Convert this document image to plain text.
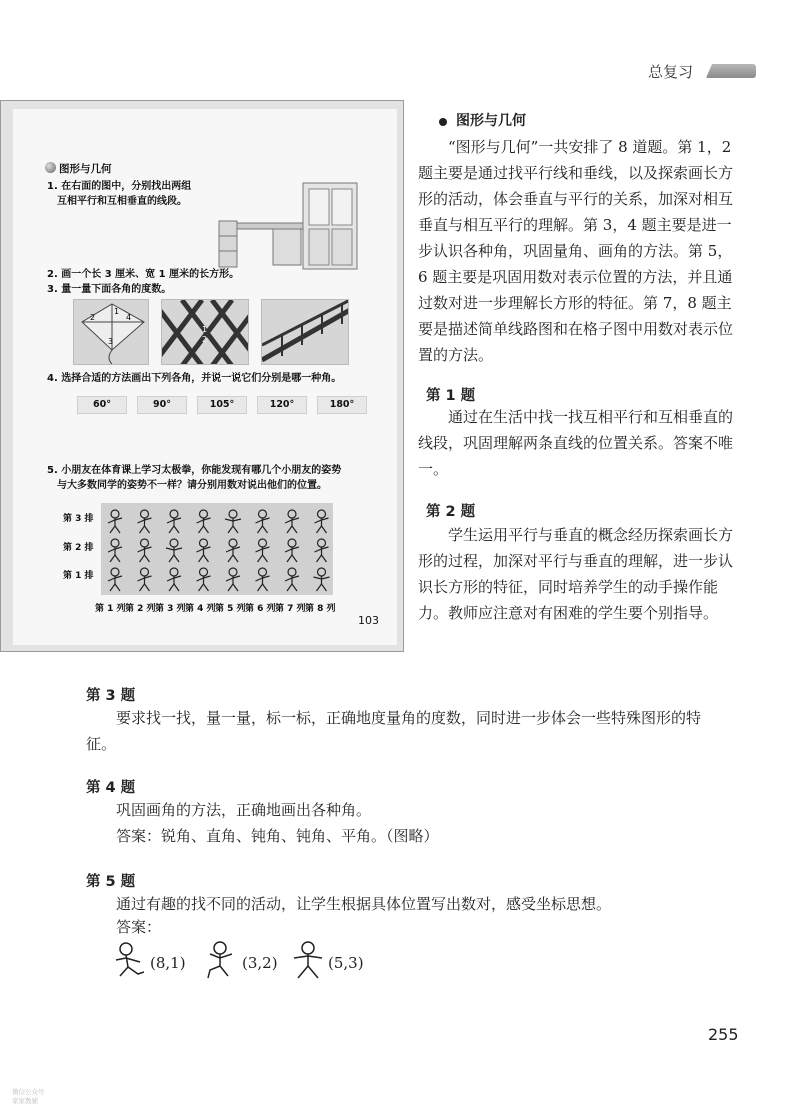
总复习
图形与几何
1. 在右面的图中，分别找出两组
互相平行和互相垂直的线段。
2. 画一个长 3 厘米、宽 1 厘米的长方形。
3. 量一量下面各角的度数。
2	4
1
3
1
2
4. 选择合适的方法画出下列各角，并说一说它们分别是哪一种角。
60°	90°	105°	120°	180°
5. 小朋友在体育课上学习太极拳，你能发现有哪几个小朋友的姿势
与大多数同学的姿势不一样？请分别用数对说出他们的位置。
第 3 排
第 2 排
第 1 排
第 1 列 第 2 列 第 3 列 第 4 列 第 5 列 第 6 列 第 7 列 第 8 列
103
图形与几何
“图形与几何”一共安排了 8 道题。第 1，2 题主要是通过找平行线和垂线，以及探索画长方形的活动，体会垂直与平行的关系，加深对相互垂直与相互平行的理解。第 3，4 题主要是进一步认识各种角，巩固量角、画角的方法。第 5，6 题主要是巩固用数对表示位置的方法，并且通过数对进一步理解长方形的特征。第 7，8 题主要是描述简单线路图和在格子图中用数对表示位置的方法。
第 1 题
通过在生活中找一找互相平行和互相垂直的线段，巩固理解两条直线的位置关系。答案不唯一。
第 2 题
学生运用平行与垂直的概念经历探索画长方形的过程，加深对平行与垂直的理解，进一步认识长方形的特征，同时培养学生的动手操作能力。教师应注意对有困难的学生要个别指导。
第 3 题
要求找一找，量一量，标一标，正确地度量角的度数，同时进一步体会一些特殊图形的特征。
第 4 题
巩固画角的方法，正确地画出各种角。
答案：锐角、直角、钝角、钝角、平角。（图略）
第 5 题
通过有趣的找不同的活动，让学生根据具体位置写出数对，感受坐标思想。
答案：
(8,1)	(3,2)	(5,3)
255
微信公众号
家家教辅
